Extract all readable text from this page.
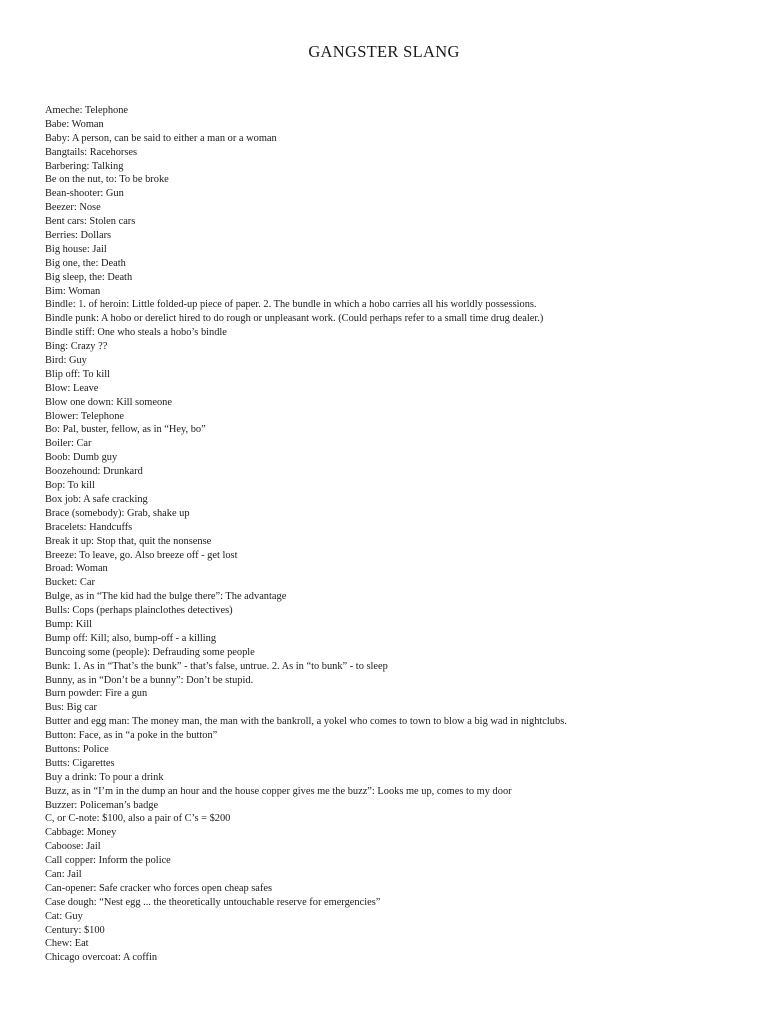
GANGSTER SLANG
Ameche: Telephone
Babe: Woman
Baby: A person, can be said to either a man or a woman
Bangtails: Racehorses
Barbering: Talking
Be on the nut, to: To be broke
Bean-shooter: Gun
Beezer: Nose
Bent cars: Stolen cars
Berries: Dollars
Big house: Jail
Big one, the: Death
Big sleep, the: Death
Bim: Woman
Bindle: 1. of heroin: Little folded-up piece of paper. 2. The bundle in which a hobo carries all his worldly possessions.
Bindle punk: A hobo or derelict hired to do rough or unpleasant work. (Could perhaps refer to a small time drug dealer.)
Bindle stiff: One who steals a hobo’s bindle
Bing: Crazy ??
Bird: Guy
Blip off: To kill
Blow: Leave
Blow one down: Kill someone
Blower: Telephone
Bo: Pal, buster, fellow, as in “Hey, bo”
Boiler: Car
Boob: Dumb guy
Boozehound: Drunkard
Bop: To kill
Box job: A safe cracking
Brace (somebody): Grab, shake up
Bracelets: Handcuffs
Break it up: Stop that, quit the nonsense
Breeze: To leave, go. Also breeze off - get lost
Broad: Woman
Bucket: Car
Bulge, as in “The kid had the bulge there”: The advantage
Bulls: Cops (perhaps plainclothes detectives)
Bump: Kill
Bump off: Kill; also, bump-off - a killing
Buncoing some (people): Defrauding some people
Bunk: 1. As in “That’s the bunk” - that’s false, untrue. 2. As in “to bunk” - to sleep
Bunny, as in “Don’t be a bunny”: Don’t be stupid.
Burn powder: Fire a gun
Bus: Big car
Butter and egg man: The money man, the man with the bankroll, a yokel who comes to town to blow a big wad in nightclubs.
Button: Face, as in “a poke in the button”
Buttons: Police
Butts: Cigarettes
Buy a drink: To pour a drink
Buzz, as in “I’m in the dump an hour and the house copper gives me the buzz”: Looks me up, comes to my door
Buzzer: Policeman’s badge
C, or C-note: $100, also a pair of C’s = $200
Cabbage: Money
Caboose: Jail
Call copper: Inform the police
Can: Jail
Can-opener: Safe cracker who forces open cheap safes
Case dough: “Nest egg ... the theoretically untouchable reserve for emergencies”
Cat: Guy
Century: $100
Chew: Eat
Chicago overcoat: A coffin
